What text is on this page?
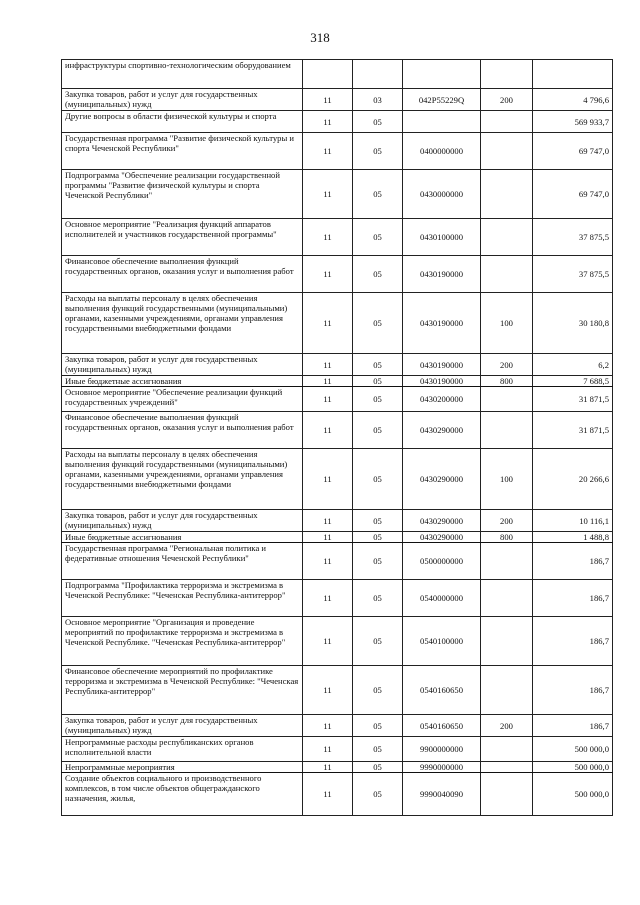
318
инфраструктуры спортивно-технологическим оборудованием					
Закупка товаров, работ и услуг для государственных (муниципальных) нужд	11	03	042P55229Q	200	4 796,6
Другие вопросы в области физической культуры и спорта	11	05			569 933,7
Государственная программа "Развитие физической культуры и спорта Чеченской Республики"	11	05	0400000000		69 747,0
Подпрограмма "Обеспечение реализации государственной программы "Развитие физической культуры и спорта Чеченской Республики"	11	05	0430000000		69 747,0
Основное мероприятие "Реализация функций аппаратов исполнителей и участников государственной программы"	11	05	0430100000		37 875,5
Финансовое обеспечение выполнения функций государственных органов, оказания услуг и выполнения работ	11	05	0430190000		37 875,5
Расходы на выплаты персоналу в целях обеспечения выполнения функций государственными (муниципальными) органами, казенными учреждениями, органами управления государственными внебюджетными фондами	11	05	0430190000	100	30 180,8
Закупка товаров, работ и услуг для государственных (муниципальных) нужд	11	05	0430190000	200	6,2
Иные бюджетные ассигнования	11	05	0430190000	800	7 688,5
Основное мероприятие "Обеспечение реализации функций государственных учреждений"	11	05	0430200000		31 871,5
Финансовое обеспечение выполнения функций государственных органов, оказания услуг и выполнения работ	11	05	0430290000		31 871,5
Расходы на выплаты персоналу в целях обеспечения выполнения функций государственными (муниципальными) органами, казенными учреждениями, органами управления государственными внебюджетными фондами	11	05	0430290000	100	20 266,6
Закупка товаров, работ и услуг для государственных (муниципальных) нужд	11	05	0430290000	200	10 116,1
Иные бюджетные ассигнования	11	05	0430290000	800	1 488,8
Государственная программа "Региональная политика и федеративные отношения Чеченской Республики"	11	05	0500000000		186,7
Подпрограмма "Профилактика терроризма и экстремизма в Чеченской Республике: "Чеченская Республика-антитеррор"	11	05	0540000000		186,7
Основное мероприятие "Организация и проведение мероприятий по профилактике терроризма и экстремизма в Чеченской Республике. "Чеченская Республика-антитеррор"	11	05	0540100000		186,7
Финансовое обеспечение мероприятий по профилактике терроризма и экстремизма в Чеченской Республике: "Чеченская Республика-антитеррор"	11	05	0540160650		186,7
Закупка товаров, работ и услуг для государственных (муниципальных) нужд	11	05	0540160650	200	186,7
Непрограммные расходы республиканских органов исполнительной власти	11	05	9900000000		500 000,0
Непрограммные мероприятия	11	05	9990000000		500 000,0
Создание объектов социального и производственного комплексов, в том числе объектов общегражданского назначения, жилья,	11	05	9990040090		500 000,0
